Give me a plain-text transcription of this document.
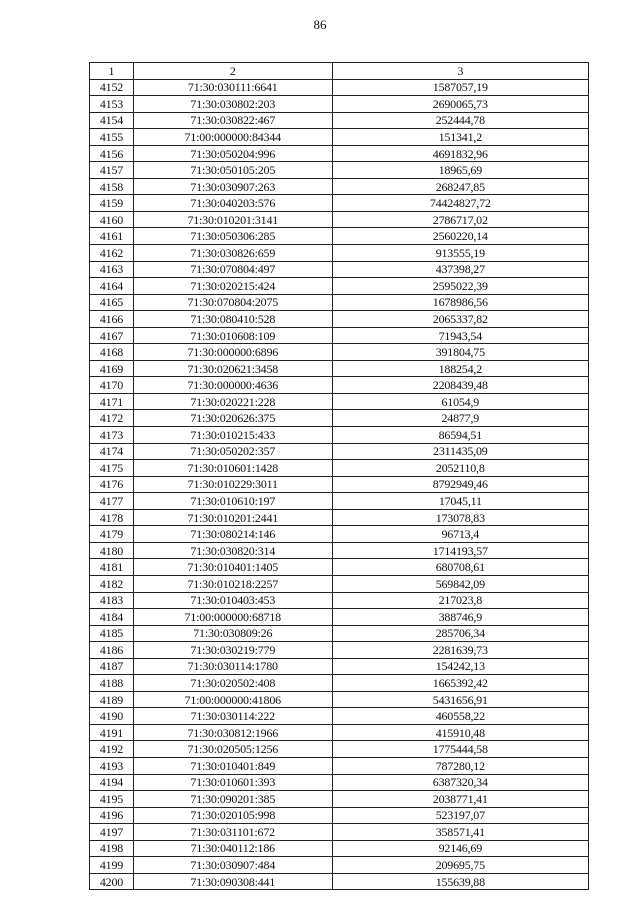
86
1	2	3
4152	71:30:030111:6641	1587057,19
4153	71:30:030802:203	2690065,73
4154	71:30:030822:467	252444,78
4155	71:00:000000:84344	151341,2
4156	71:30:050204:996	4691832,96
4157	71:30:050105:205	18965,69
4158	71:30:030907:263	268247,85
4159	71:30:040203:576	74424827,72
4160	71:30:010201:3141	2786717,02
4161	71:30:050306:285	2560220,14
4162	71:30:030826:659	913555,19
4163	71:30:070804:497	437398,27
4164	71:30:020215:424	2595022,39
4165	71:30:070804:2075	1678986,56
4166	71:30:080410:528	2065337,82
4167	71:30:010608:109	71943,54
4168	71:30:000000:6896	391804,75
4169	71:30:020621:3458	188254,2
4170	71:30:000000:4636	2208439,48
4171	71:30:020221:228	61054,9
4172	71:30:020626:375	24877,9
4173	71:30:010215:433	86594,51
4174	71:30:050202:357	2311435,09
4175	71:30:010601:1428	2052110,8
4176	71:30:010229:3011	8792949,46
4177	71:30:010610:197	17045,11
4178	71:30:010201:2441	173078,83
4179	71:30:080214:146	96713,4
4180	71:30:030820:314	1714193,57
4181	71:30:010401:1405	680708,61
4182	71:30:010218:2257	569842,09
4183	71:30:010403:453	217023,8
4184	71:00:000000:68718	388746,9
4185	71:30:030809:26	285706,34
4186	71:30:030219:779	2281639,73
4187	71:30:030114:1780	154242,13
4188	71:30:020502:408	1665392,42
4189	71:00:000000:41806	5431656,91
4190	71:30:030114:222	460558,22
4191	71:30:030812:1966	415910,48
4192	71:30:020505:1256	1775444,58
4193	71:30:010401:849	787280,12
4194	71:30:010601:393	6387320,34
4195	71:30:090201:385	2038771,41
4196	71:30:020105:998	523197,07
4197	71:30:031101:672	358571,41
4198	71:30:040112:186	92146,69
4199	71:30:030907:484	209695,75
4200	71:30:090308:441	155639,88
